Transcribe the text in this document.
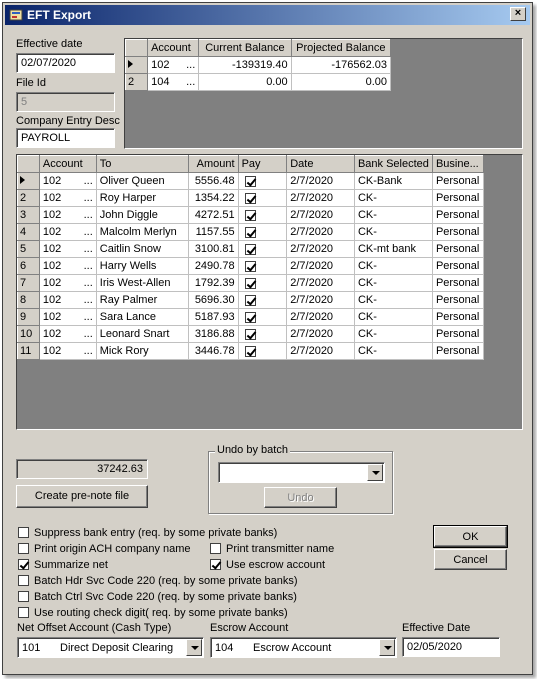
EFT Export	×
Effective date
02/07/2020
File Id
5
Company Entry Desc
PAYROLL
	Account	Current Balance	Projected Balance
	102 ...	-139319.40	-176562.03
2	104 ...	0.00	0.00
	Account	To	Amount	Pay	Date	Bank Selected	Busine...
	102 ...	Oliver Queen	5556.48		2/7/2020	CK-Bank	Personal
2	102 ...	Roy Harper	1354.22		2/7/2020	CK-	Personal
3	102 ...	John Diggle	4272.51		2/7/2020	CK-	Personal
4	102 ...	Malcolm Merlyn	1157.55		2/7/2020	CK-	Personal
5	102 ...	Caitlin Snow	3100.81		2/7/2020	CK-mt bank	Personal
6	102 ...	Harry Wells	2490.78		2/7/2020	CK-	Personal
7	102 ...	Iris West-Allen	1792.39		2/7/2020	CK-	Personal
8	102 ...	Ray Palmer	5696.30		2/7/2020	CK-	Personal
9	102 ...	Sara Lance	5187.93		2/7/2020	CK-	Personal
10	102 ...	Leonard Snart	3186.88		2/7/2020	CK-	Personal
11	102 ...	Mick Rory	3446.78		2/7/2020	CK-	Personal
37242.63
Create pre-note file
Undo by batch
Undo
OK
Cancel
Suppress bank entry (req. by some private banks)
Print origin ACH company name	Print transmitter name
Summarize net	Use escrow account
Batch Hdr Svc Code 220 (req. by some private banks)
Batch Ctrl Svc Code 220 (req. by some private banks)
Use routing check digit( req. by some private banks)
Net Offset Account (Cash Type)
101 Direct Deposit Clearing
Escrow Account
104 Escrow Account
Effective Date
02/05/2020
